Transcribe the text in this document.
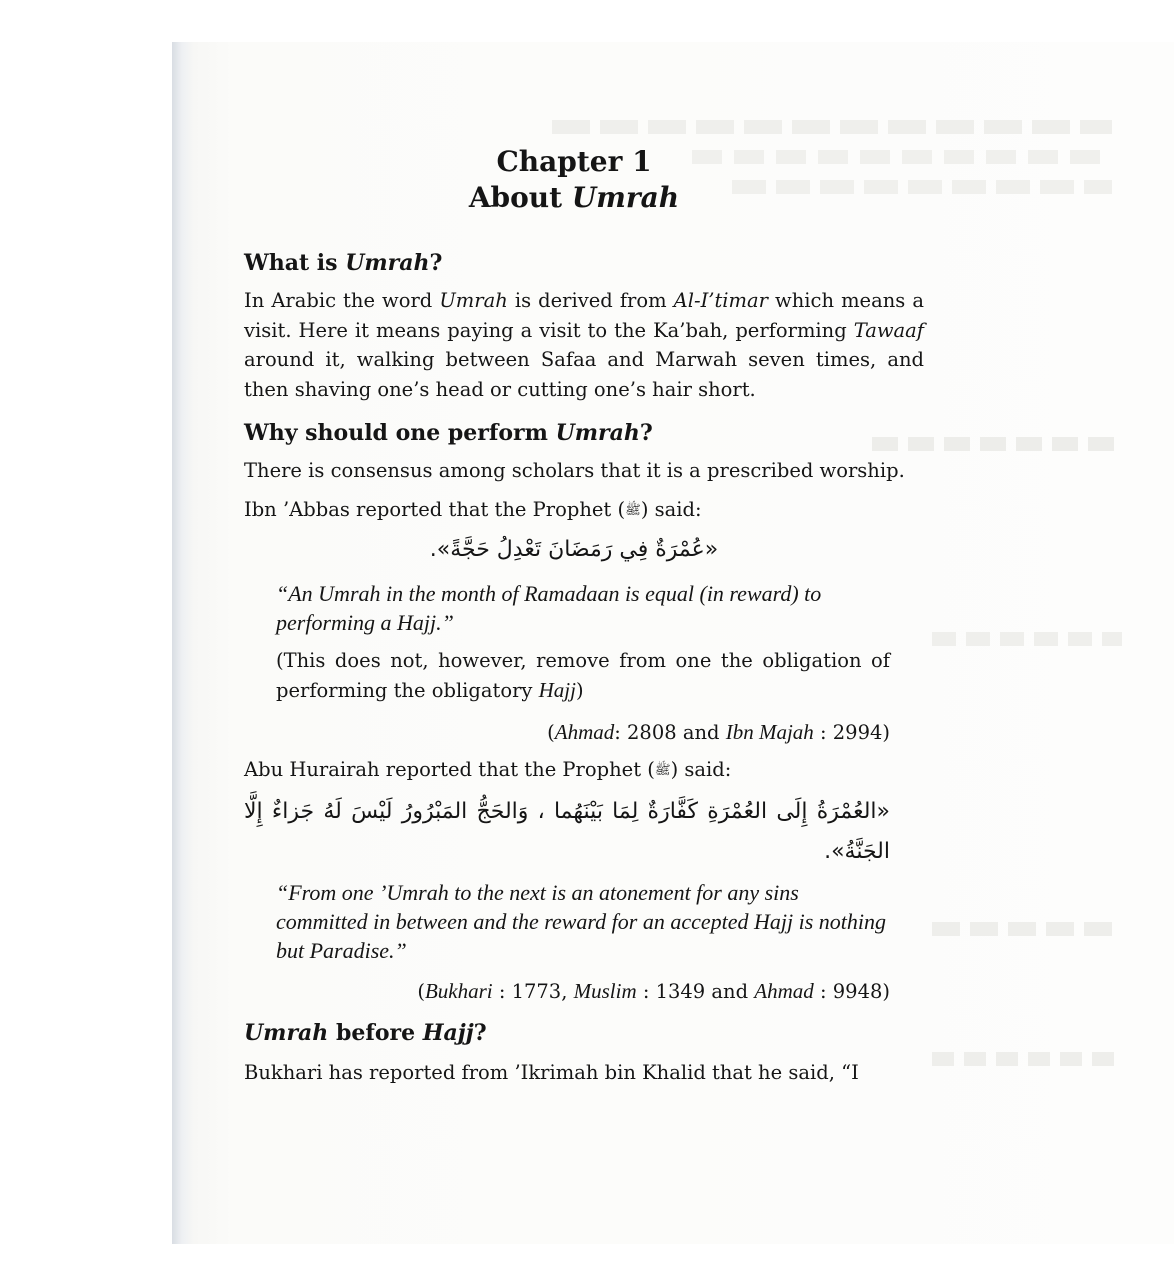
Chapter 1

About Umrah

What is Umrah?

In Arabic the word Umrah is derived from Al-I’timar which means a visit. Here it means paying a visit to the Ka’bah, performing Tawaaf around it, walking between Safaa and Marwah seven times, and then shaving one’s head or cutting one’s hair short.

Why should one perform Umrah?

There is consensus among scholars that it is a prescribed worship.

Ibn ’Abbas reported that the Prophet (ﷺ) said:

«عُمْرَةٌ فِي رَمَضَانَ تَعْدِلُ حَجَّةً».

“An Umrah in the month of Ramadaan is equal (in reward) to performing a Hajj.”

(This does not, however, remove from one the obligation of performing the obligatory Hajj)

(Ahmad: 2808 and Ibn Majah : 2994)

Abu Hurairah reported that the Prophet (ﷺ) said:

«العُمْرَةُ إِلَى العُمْرَةِ كَفَّارَةٌ لِمَا بَيْنَهُما ، وَالحَجُّ المَبْرُورُ لَيْسَ لَهُ جَزاءٌ إِلَّا الجَنَّةُ».

“From one ’Umrah to the next is an atonement for any sins committed in between and the reward for an accepted Hajj is nothing but Paradise.”

(Bukhari : 1773, Muslim : 1349 and Ahmad : 9948)

Umrah before Hajj?

Bukhari has reported from ’Ikrimah bin Khalid that he said, “I
